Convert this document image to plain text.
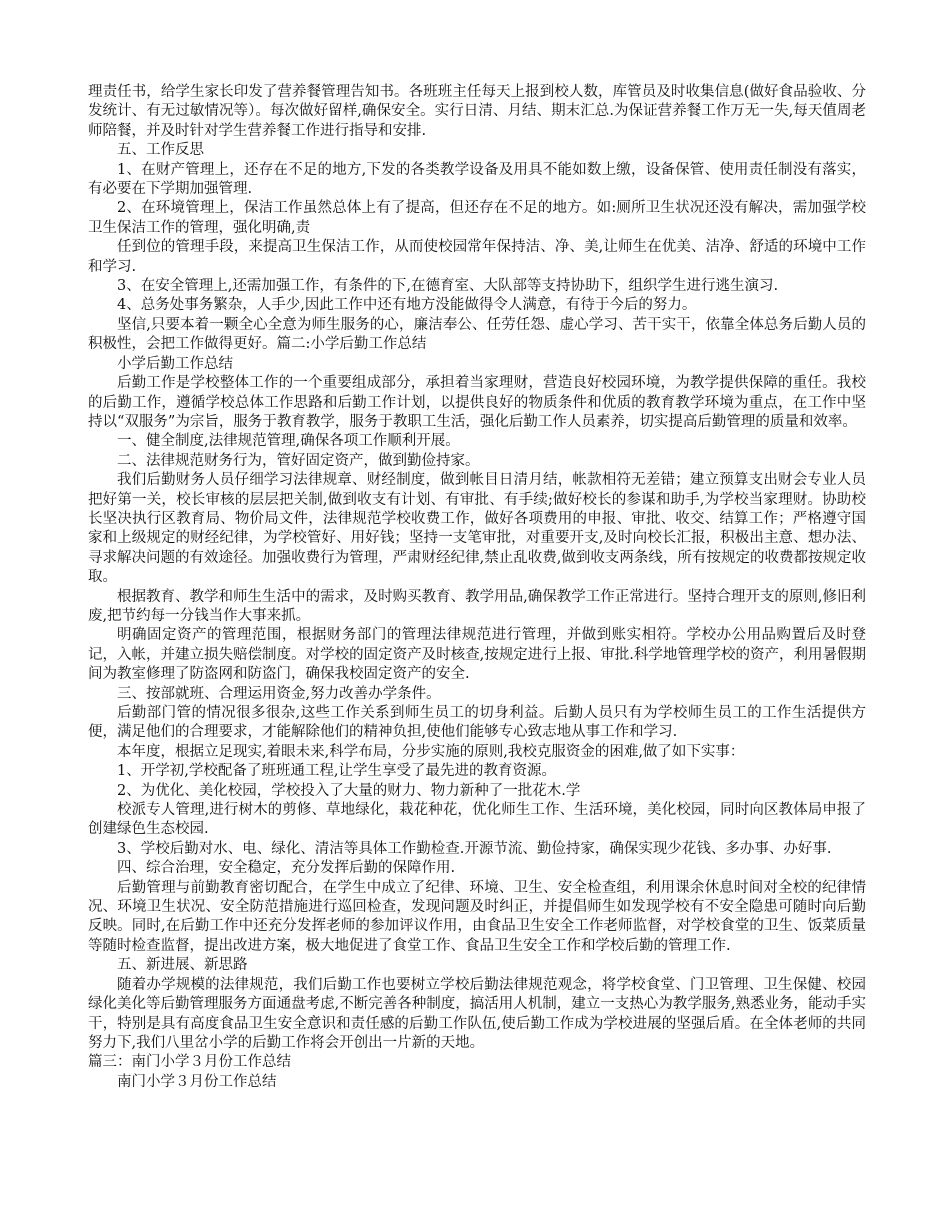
理责任书，给学生家长印发了营养餐管理告知书。各班班主任每天上报到校人数，库管员及时收集信息(做好食品验收、分发统计、有无过敏情况等）。每次做好留样,确保安全。实行日清、月结、期末汇总.为保证营养餐工作万无一失,每天值周老师陪餐，并及时针对学生营养餐工作进行指导和安排.

五、工作反思

1、在财产管理上，还存在不足的地方,下发的各类教学设备及用具不能如数上缴，设备保管、使用责任制没有落实，有必要在下学期加强管理.

2、在环境管理上，保洁工作虽然总体上有了提高，但还存在不足的地方。如:厕所卫生状况还没有解决，需加强学校卫生保洁工作的管理，强化明确,责

任到位的管理手段，来提高卫生保洁工作，从而使校园常年保持洁、净、美,让师生在优美、洁净、舒适的环境中工作和学习.

3、在安全管理上,还需加强工作，有条件的下,在德育室、大队部等支持协助下，组织学生进行逃生演习.

4、总务处事务繁杂，人手少,因此工作中还有地方没能做得令人满意，有待于今后的努力。

坚信,只要本着一颗全心全意为师生服务的心，廉洁奉公、任劳任怨、虚心学习、苦干实干，依靠全体总务后勤人员的积极性，会把工作做得更好。篇二:小学后勤工作总结

小学后勤工作总结

后勤工作是学校整体工作的一个重要组成部分，承担着当家理财，营造良好校园环境，为教学提供保障的重任。我校的后勤工作，遵循学校总体工作思路和后勤工作计划，以提供良好的物质条件和优质的教育教学环境为重点，在工作中坚持以“双服务”为宗旨，服务于教育教学，服务于教职工生活，强化后勤工作人员素养，切实提高后勤管理的质量和效率。

一、健全制度,法律规范管理,确保各项工作顺利开展。

二、法律规范财务行为，管好固定资产，做到勤俭持家。

我们后勤财务人员仔细学习法律规章、财经制度，做到帐目日清月结，帐款相符无差错；建立预算支出财会专业人员把好第一关，校长审核的层层把关制,做到收支有计划、有审批、有手续;做好校长的参谋和助手,为学校当家理财。协助校长坚决执行区教育局、物价局文件，法律规范学校收费工作，做好各项费用的申报、审批、收交、结算工作；严格遵守国家和上级规定的财经纪律，为学校管好、用好钱；坚持一支笔审批，对重要开支,及时向校长汇报，积极出主意、想办法、寻求解决问题的有效途径。加强收费行为管理，严肃财经纪律,禁止乱收费,做到收支两条线，所有按规定的收费都按规定收取。

根据教育、教学和师生生活中的需求，及时购买教育、教学用品,确保教学工作正常进行。坚持合理开支的原则,修旧利废,把节约每一分钱当作大事来抓。

明确固定资产的管理范围，根据财务部门的管理法律规范进行管理，并做到账实相符。学校办公用品购置后及时登记，入帐，并建立损失赔偿制度。对学校的固定资产及时核查,按规定进行上报、审批.科学地管理学校的资产，利用暑假期间为教室修理了防盗网和防盗门，确保我校固定资产的安全.

三、按部就班、合理运用资金,努力改善办学条件。

后勤部门管的情况很多很杂,这些工作关系到师生员工的切身利益。后勤人员只有为学校师生员工的工作生活提供方便，满足他们的合理要求，才能解除他们的精神负担,使他们能够专心致志地从事工作和学习.

本年度，根据立足现实,着眼未来,科学布局，分步实施的原则,我校克服资金的困难,做了如下实事：

1、开学初,学校配备了班班通工程,让学生享受了最先进的教育资源。

2、为优化、美化校园，学校投入了大量的财力、物力新种了一批花木.学

校派专人管理,进行树木的剪修、草地绿化，栽花种花，优化师生工作、生活环境，美化校园，同时向区教体局申报了创建绿色生态校园.

3、学校后勤对水、电、绿化、清洁等具体工作勤检查.开源节流、勤俭持家，确保实现少花钱、多办事、办好事.

四、综合治理，安全稳定，充分发挥后勤的保障作用.

后勤管理与前勤教育密切配合，在学生中成立了纪律、环境、卫生、安全检查组，利用课余休息时间对全校的纪律情况、环境卫生状况、安全防范措施进行巡回检查，发现问题及时纠正，并提倡师生如发现学校有不安全隐患可随时向后勤反映。同时,在后勤工作中还充分发挥老师的参加评议作用，由食品卫生安全工作老师监督，对学校食堂的卫生、饭菜质量等随时检查监督，提出改进方案，极大地促进了食堂工作、食品卫生安全工作和学校后勤的管理工作.

五、新进展、新思路

随着办学规模的法律规范，我们后勤工作也要树立学校后勤法律规范观念，将学校食堂、门卫管理、卫生保健、校园绿化美化等后勤管理服务方面通盘考虑,不断完善各种制度，搞活用人机制，建立一支热心为教学服务,熟悉业务，能动手实干，特别是具有高度食品卫生安全意识和责任感的后勤工作队伍,使后勤工作成为学校进展的坚强后盾。在全体老师的共同努力下,我们八里岔小学的后勤工作将会开创出一片新的天地。

篇三：南门小学３月份工作总结

南门小学３月份工作总结
